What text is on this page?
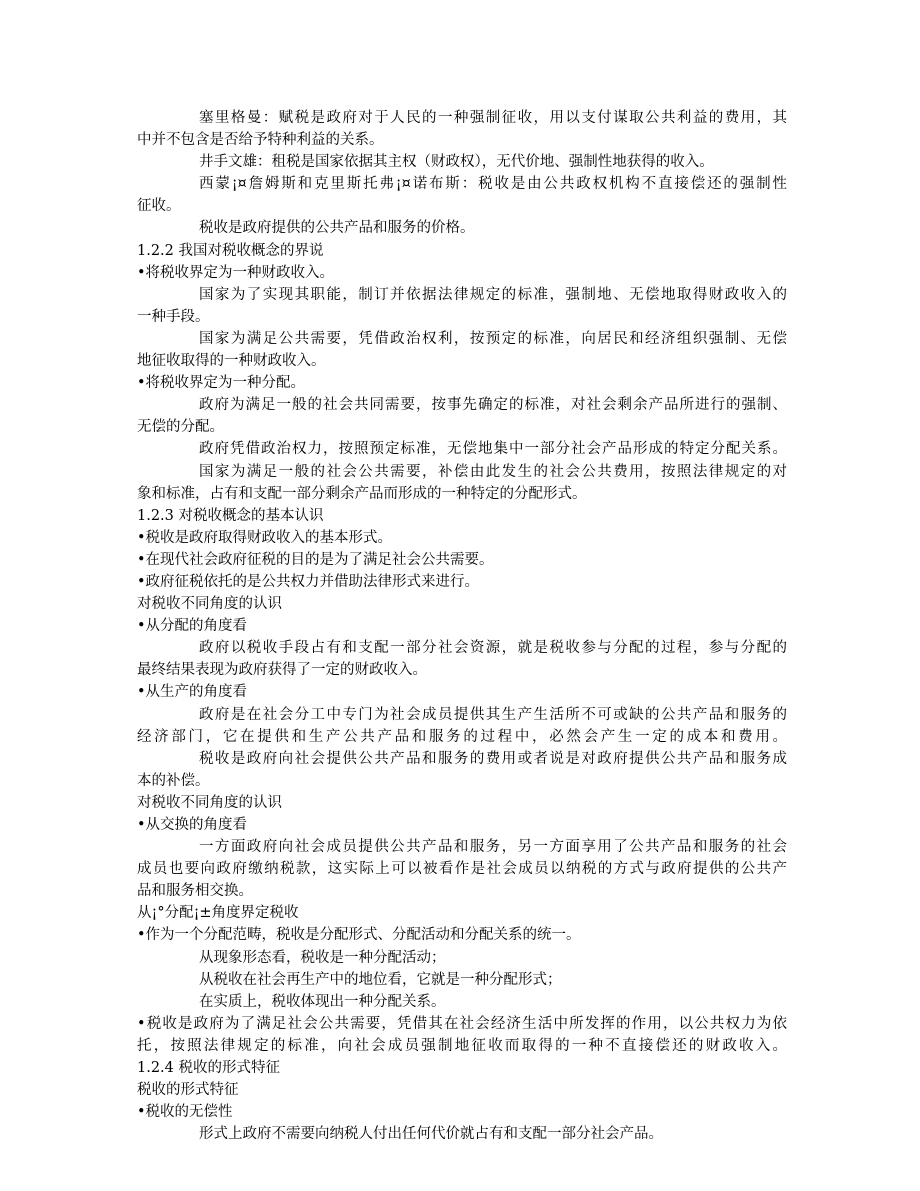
塞里格曼：赋税是政府对于人民的一种强制征收，用以支付谋取公共利益的费用，其
中并不包含是否给予特种利益的关系。
井手文雄：租税是国家依据其主权（财政权），无代价地、强制性地获得的收入。
西蒙¡¤詹姆斯和克里斯托弗¡¤诺布斯：税收是由公共政权机构不直接偿还的强制性
征收。
税收是政府提供的公共产品和服务的价格。
1.2.2 我国对税收概念的界说
•将税收界定为一种财政收入。
国家为了实现其职能，制订并依据法律规定的标准，强制地、无偿地取得财政收入的
一种手段。
国家为满足公共需要，凭借政治权利，按预定的标准，向居民和经济组织强制、无偿
地征收取得的一种财政收入。
•将税收界定为一种分配。
政府为满足一般的社会共同需要，按事先确定的标准，对社会剩余产品所进行的强制、
无偿的分配。
政府凭借政治权力，按照预定标准，无偿地集中一部分社会产品形成的特定分配关系。
国家为满足一般的社会公共需要，补偿由此发生的社会公共费用，按照法律规定的对
象和标准，占有和支配一部分剩余产品而形成的一种特定的分配形式。
1.2.3 对税收概念的基本认识
•税收是政府取得财政收入的基本形式。
•在现代社会政府征税的目的是为了满足社会公共需要。
•政府征税依托的是公共权力并借助法律形式来进行。
对税收不同角度的认识
•从分配的角度看
政府以税收手段占有和支配一部分社会资源，就是税收参与分配的过程，参与分配的
最终结果表现为政府获得了一定的财政收入。
•从生产的角度看
政府是在社会分工中专门为社会成员提供其生产生活所不可或缺的公共产品和服务的
经济部门，它在提供和生产公共产品和服务的过程中，必然会产生一定的成本和费用。
税收是政府向社会提供公共产品和服务的费用或者说是对政府提供公共产品和服务成
本的补偿。
对税收不同角度的认识
•从交换的角度看
一方面政府向社会成员提供公共产品和服务，另一方面享用了公共产品和服务的社会
成员也要向政府缴纳税款，这实际上可以被看作是社会成员以纳税的方式与政府提供的公共产
品和服务相交换。
从¡°分配¡±角度界定税收
•作为一个分配范畴，税收是分配形式、分配活动和分配关系的统一。
从现象形态看，税收是一种分配活动；
从税收在社会再生产中的地位看，它就是一种分配形式；
在实质上，税收体现出一种分配关系。
•税收是政府为了满足社会公共需要，凭借其在社会经济生活中所发挥的作用，以公共权力为依
托，按照法律规定的标准，向社会成员强制地征收而取得的一种不直接偿还的财政收入。
1.2.4 税收的形式特征
税收的形式特征
•税收的无偿性
形式上政府不需要向纳税人付出任何代价就占有和支配一部分社会产品。
